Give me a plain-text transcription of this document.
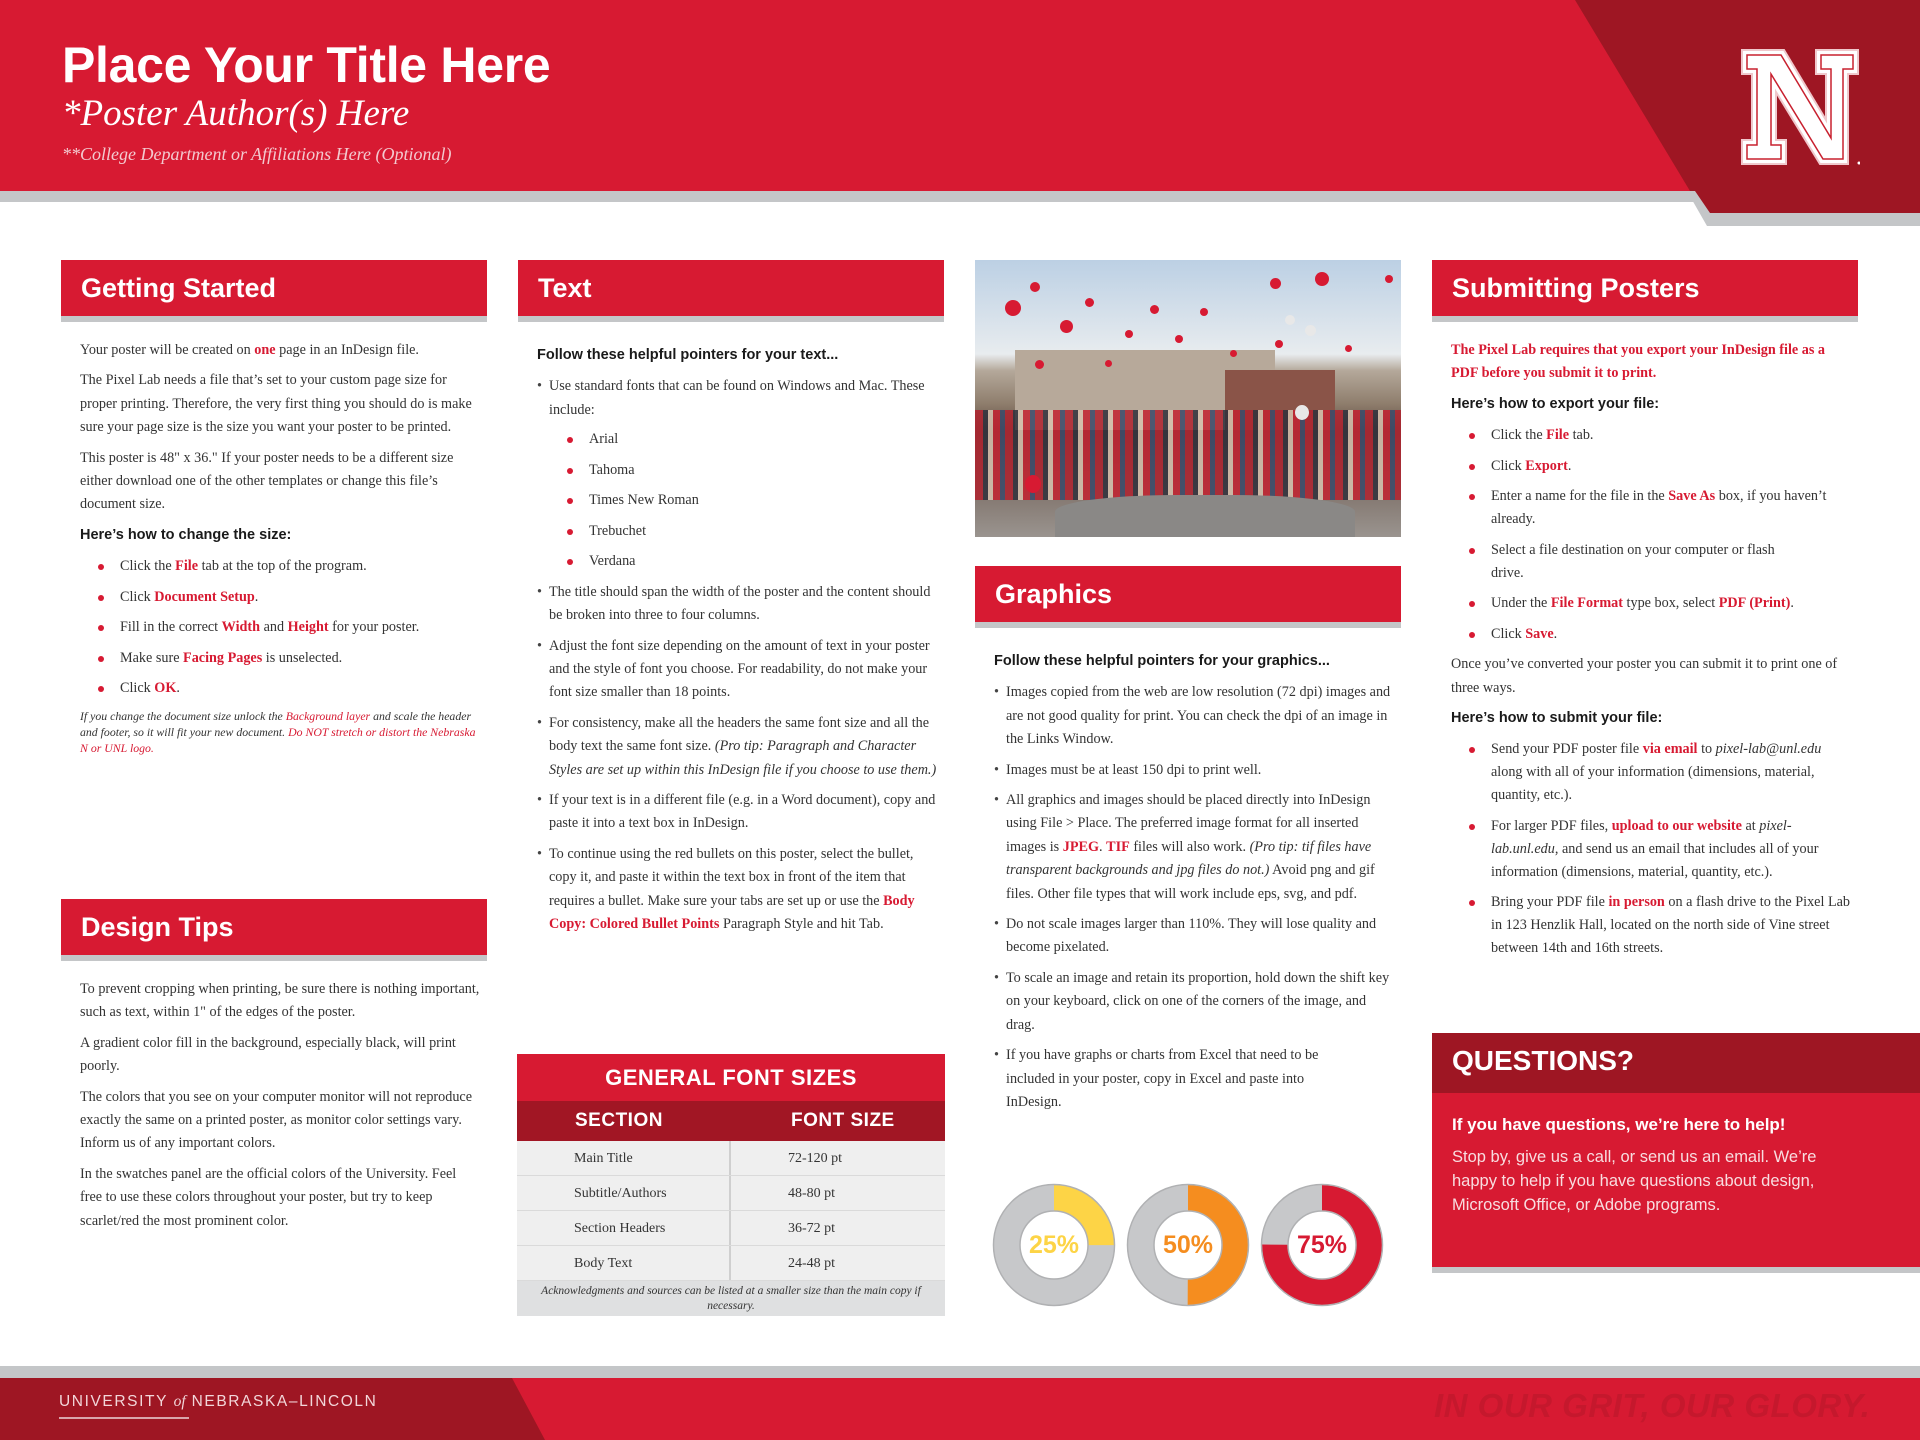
Place Your Title Here
*Poster Author(s) Here
**College Department or Affiliations Here (Optional)
Getting Started

Your poster will be created on one page in an InDesign file.

The Pixel Lab needs a file that’s set to your custom page size for proper printing. Therefore, the very first thing you should do is make sure your page size is the size you want your poster to be printed.

This poster is 48" x 36." If your poster needs to be a different size either download one of the other templates or change this file’s document size.

Here’s how to change the size:
Click the File tab at the top of the program.
Click Document Setup.
Fill in the correct Width and Height for your poster.
Make sure Facing Pages is unselected.
Click OK.
If you change the document size unlock the Background layer and scale the header and footer, so it will fit your new document. Do NOT stretch or distort the Nebraska N or UNL logo.
Design Tips

To prevent cropping when printing, be sure there is nothing important, such as text, within 1" of the edges of the poster.

A gradient color fill in the background, especially black, will print poorly.

The colors that you see on your computer monitor will not reproduce exactly the same on a printed poster, as monitor color settings vary. Inform us of any important colors.

In the swatches panel are the official colors of the University. Feel free to use these colors throughout your poster, but try to keep scarlet/red the most prominent color.

Text
Follow these helpful pointers for your text...
• Use standard fonts that can be found on Windows and Mac. These include:
Arial
Tahoma
Times New Roman
Trebuchet
Verdana
• The title should span the width of the poster and the content should be broken into three to four columns.
• Adjust the font size depending on the amount of text in your poster and the style of font you choose. For readability, do not make your font size smaller than 18 points.
• For consistency, make all the headers the same font size and all the body text the same font size. (Pro tip: Paragraph and Character Styles are set up within this InDesign file if you choose to use them.)
• If your text is in a different file (e.g. in a Word document), copy and paste it into a text box in InDesign.
• To continue using the red bullets on this poster, select the bullet, copy it, and paste it within the text box in front of the item that requires a bullet. Make sure your tabs are set up or use the Body Copy: Colored Bullet Points Paragraph Style and hit Tab.
GENERAL FONT SIZES
SECTION	FONT SIZE
Main Title	72-120 pt
Subtitle/Authors	48-80 pt
Section Headers	36-72 pt
Body Text	24-48 pt
Acknowledgments and sources can be listed at a smaller size than the main copy if necessary.
Graphics
Follow these helpful pointers for your graphics...
• Images copied from the web are low resolution (72 dpi) images and are not good quality for print. You can check the dpi of an image in the Links Window.
• Images must be at least 150 dpi to print well.
• All graphics and images should be placed directly into InDesign using File > Place. The preferred image format for all inserted images is JPEG. TIF files will also work. (Pro tip: tif files have transparent backgrounds and jpg files do not.) Avoid png and gif files. Other file types that will work include eps, svg, and pdf.
• Do not scale images larger than 110%. They will lose quality and become pixelated.
• To scale an image and retain its proportion, hold down the shift key on your keyboard, click on one of the corners of the image, and drag.
• If you have graphs or charts from Excel that need to be included in your poster, copy in Excel and paste into InDesign.
25%	50%	75%
Submitting Posters

The Pixel Lab requires that you export your InDesign file as a PDF before you submit it to print.

Here’s how to export your file:
Click the File tab.
Click Export.
Enter a name for the file in the Save As box, if you haven’t already.
Select a file destination on your computer or flash drive.
Under the File Format type box, select PDF (Print).
Click Save.

Once you’ve converted your poster you can submit it to print one of three ways.

Here’s how to submit your file:
Send your PDF poster file via email to pixel-lab@unl.edu along with all of your information (dimensions, material, quantity, etc.).
For larger PDF files, upload to our website at pixel-lab.unl.edu, and send us an email that includes all of your information (dimensions, material, quantity, etc.).
Bring your PDF file in person on a flash drive to the Pixel Lab in 123 Henzlik Hall, located on the north side of Vine street between 14th and 16th streets.
QUESTIONS?
If you have questions, we’re here to help!
Stop by, give us a call, or send us an email. We’re happy to help if you have questions about design, Microsoft Office, or Adobe programs.
UNIVERSITY of NEBRASKA–LINCOLN	IN OUR GRIT, OUR GLORY.
